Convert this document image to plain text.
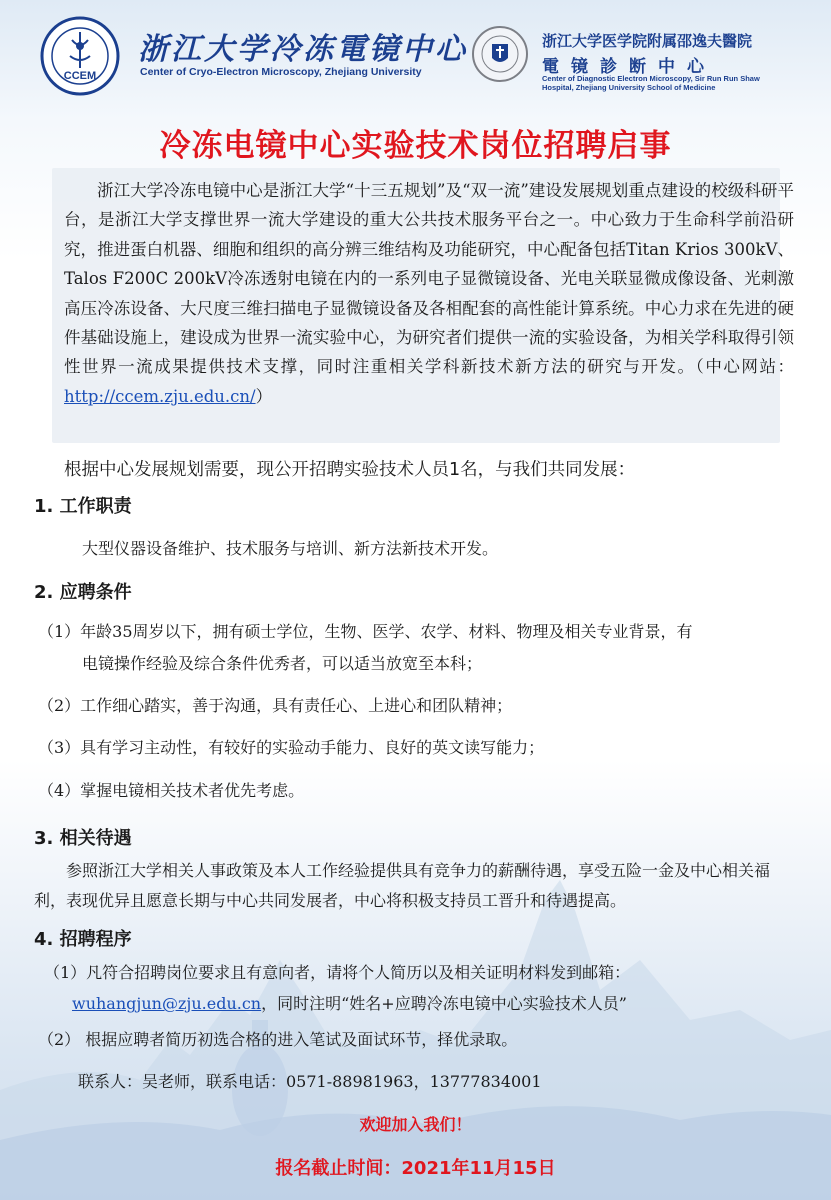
CCEM
浙江大学冷冻電镜中心
Center of Cryo-Electron Microscopy, Zhejiang University
浙江大学医学院附属邵逸夫醫院
電镜診断中心
Center of Diagnostic Electron Microscopy, Sir Run Run Shaw Hospital, Zhejiang University School of Medicine
冷冻电镜中心实验技术岗位招聘启事
浙江大学冷冻电镜中心是浙江大学“十三五规划”及“双一流”建设发展规划重点建设的校级科研平台，是浙江大学支撑世界一流大学建设的重大公共技术服务平台之一。中心致力于生命科学前沿研究，推进蛋白机器、细胞和组织的高分辨三维结构及功能研究，中心配备包括Titan Krios 300kV、 Talos F200C 200kV冷冻透射电镜在内的一系列电子显微镜设备、光电关联显微成像设备、光刺激高压冷冻设备、大尺度三维扫描电子显微镜设备及各相配套的高性能计算系统。中心力求在先进的硬件基础设施上，建设成为世界一流实验中心，为研究者们提供一流的实验设备，为相关学科取得引领性世界一流成果提供技术支撑，同时注重相关学科新技术新方法的研究与开发。（中心网站：http://ccem.zju.edu.cn/）
根据中心发展规划需要，现公开招聘实验技术人员1名，与我们共同发展：
1. 工作职责
大型仪器设备维护、技术服务与培训、新方法新技术开发。
2. 应聘条件
（1）年龄35周岁以下，拥有硕士学位，生物、医学、农学、材料、物理及相关专业背景，有
电镜操作经验及综合条件优秀者，可以适当放宽至本科；
（2）工作细心踏实，善于沟通，具有责任心、上进心和团队精神；
（3）具有学习主动性，有较好的实验动手能力、良好的英文读写能力；
（4）掌握电镜相关技术者优先考虑。
3. 相关待遇
参照浙江大学相关人事政策及本人工作经验提供具有竞争力的薪酬待遇，享受五险一金及中心相关福利，表现优异且愿意长期与中心共同发展者，中心将积极支持员工晋升和待遇提高。
4. 招聘程序
（1）凡符合招聘岗位要求且有意向者，请将个人简历以及相关证明材料发到邮箱：
wuhangjun@zju.edu.cn，同时注明“姓名+应聘冷冻电镜中心实验技术人员”
（2） 根据应聘者简历初选合格的进入笔试及面试环节，择优录取。
联系人：吴老师，联系电话：0571-88981963，13777834001
欢迎加入我们！
报名截止时间：2021年11月15日
